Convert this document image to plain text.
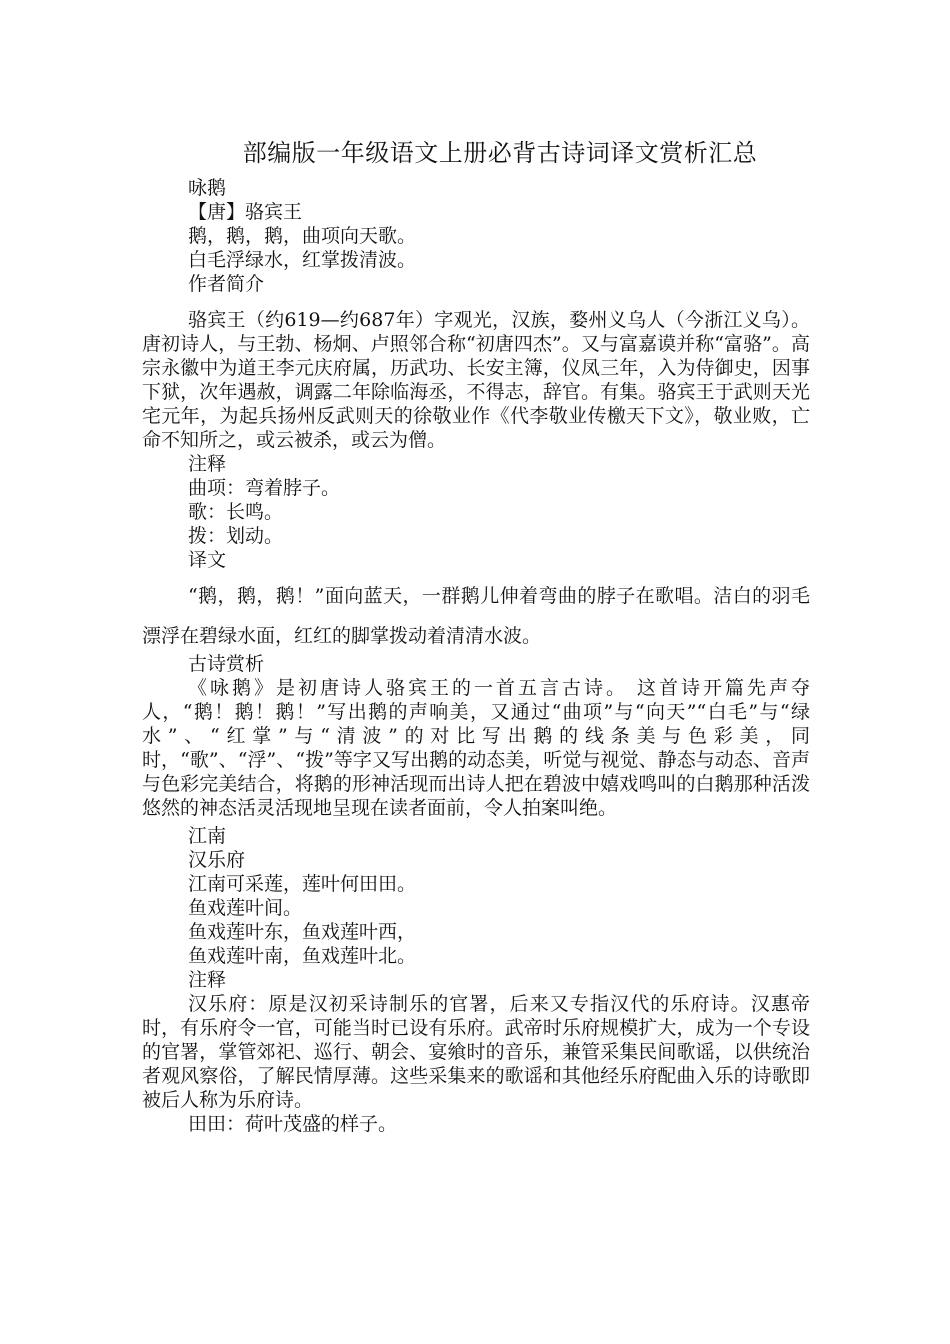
部编版一年级语文上册必背古诗词译文赏析汇总
咏鹅
【唐】骆宾王
鹅，鹅，鹅，曲项向天歌。
白毛浮绿水，红掌拨清波。
作者简介

骆宾王（约619—约687年）字观光，汉族，婺州义乌人（今浙江义乌）。唐初诗人，与王勃、杨炯、卢照邻合称“初唐四杰”。又与富嘉谟并称“富骆”。高宗永徽中为道王李元庆府属，历武功、长安主簿，仪凤三年，入为侍御史，因事下狱，次年遇赦，调露二年除临海丞，不得志，辞官。有集。骆宾王于武则天光宅元年，为起兵扬州反武则天的徐敬业作《代李敬业传檄天下文》，敬业败，亡命不知所之，或云被杀，或云为僧。

注释
曲项：弯着脖子。
歌：长鸣。
拨：划动。
译文

“鹅，鹅，鹅！”面向蓝天，一群鹅儿伸着弯曲的脖子在歌唱。洁白的羽毛漂浮在碧绿水面，红红的脚掌拨动着清清水波。

古诗赏析

《咏鹅》是初唐诗人骆宾王的一首五言古诗。 这首诗开篇先声夺人，“鹅！鹅！鹅！”写出鹅的声响美，又通过“曲项”与“向天”“白毛”与“绿水”、“红掌”与“清波”的对比写出鹅的线条美与色彩美，同时，“歌”、“浮”、“拨”等字又写出鹅的动态美，听觉与视觉、静态与动态、音声与色彩完美结合，将鹅的形神活现而出诗人把在碧波中嬉戏鸣叫的白鹅那种活泼悠然的神态活灵活现地呈现在读者面前，令人拍案叫绝。

江南
汉乐府
江南可采莲，莲叶何田田。
鱼戏莲叶间。
鱼戏莲叶东，鱼戏莲叶西，
鱼戏莲叶南，鱼戏莲叶北。
注释

汉乐府：原是汉初采诗制乐的官署，后来又专指汉代的乐府诗。汉惠帝时，有乐府令一官，可能当时已设有乐府。武帝时乐府规模扩大，成为一个专设的官署，掌管郊祀、巡行、朝会、宴飨时的音乐，兼管采集民间歌谣，以供统治者观风察俗，了解民情厚薄。这些采集来的歌谣和其他经乐府配曲入乐的诗歌即被后人称为乐府诗。

田田：荷叶茂盛的样子。
